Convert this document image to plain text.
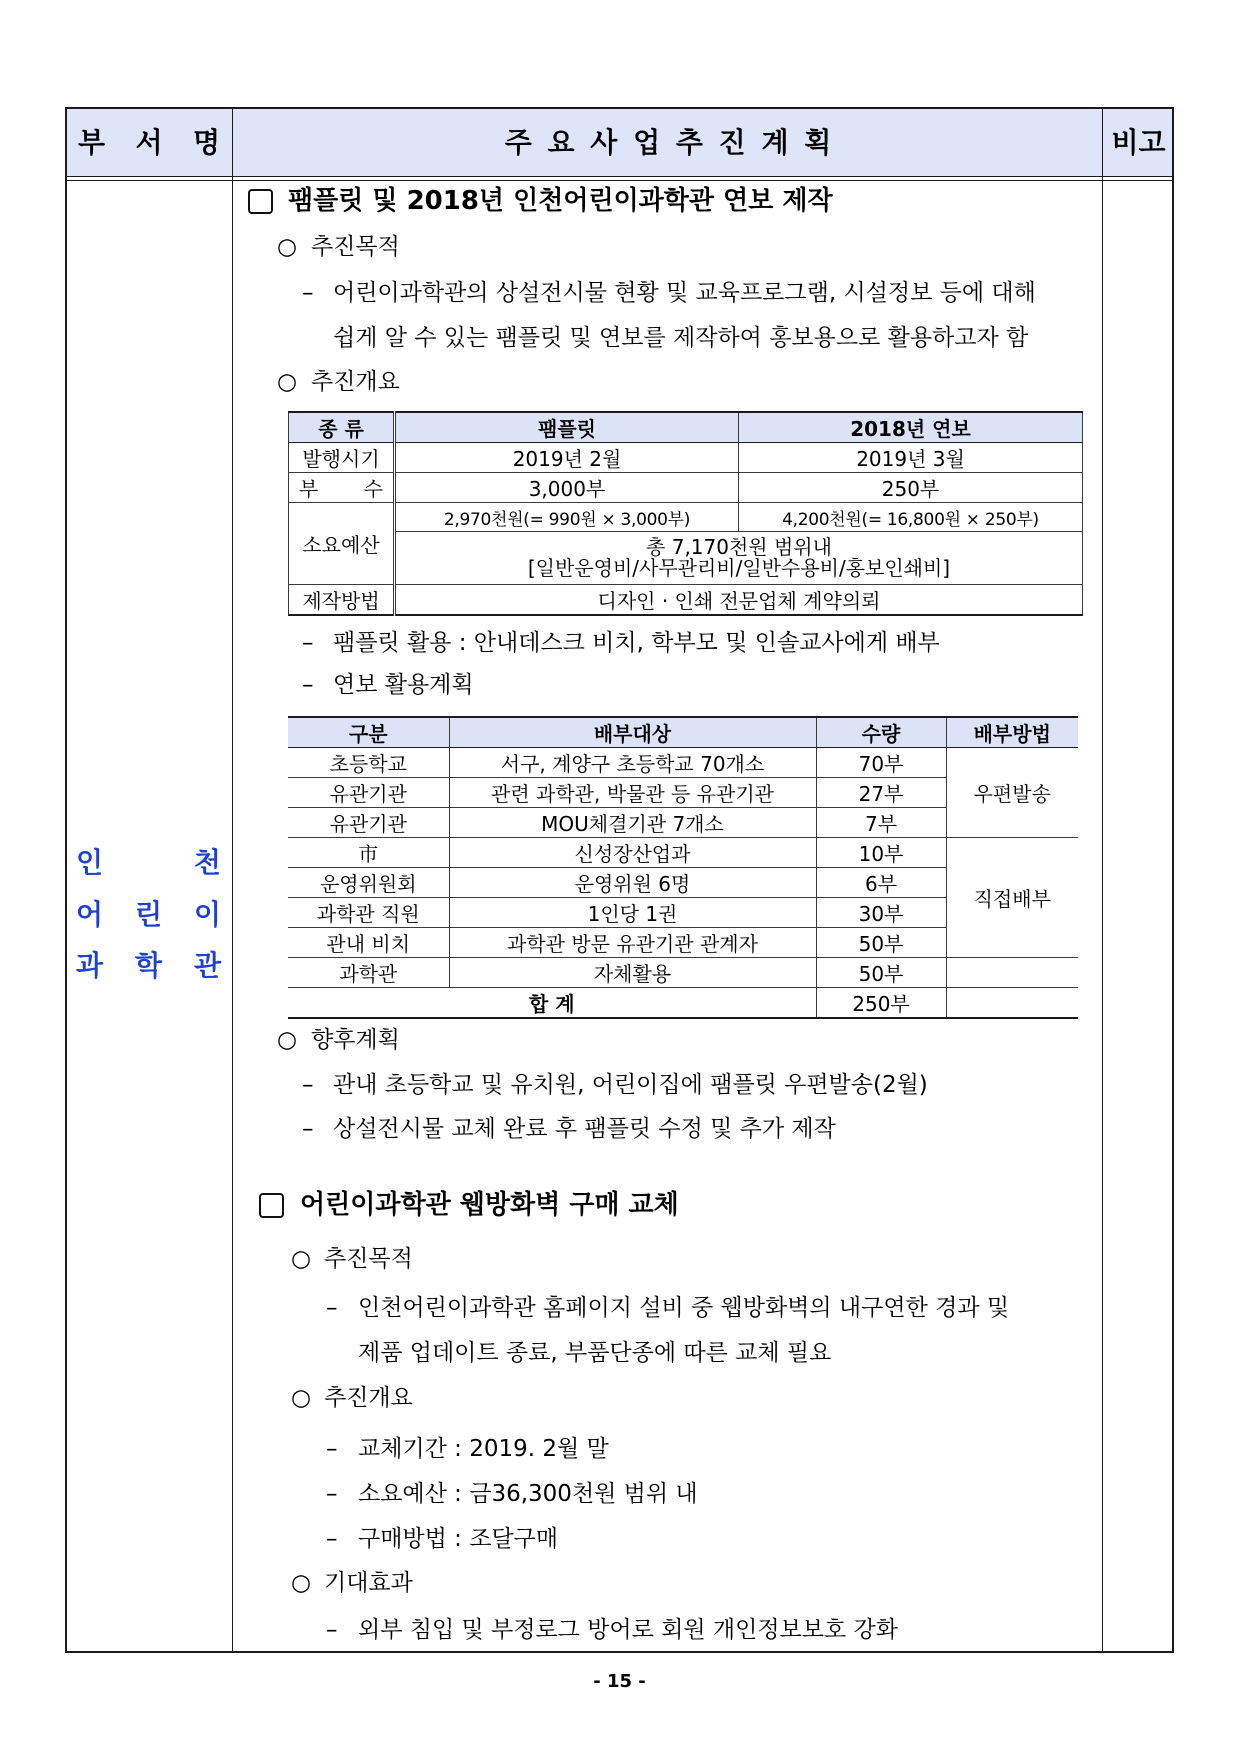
부 서 명	주 요 사 업 추 진 계 획	비고
인 천
어 린 이
과 학 관
팸플릿 및 2018년 인천어린이과학관 연보 제작
○ 추진목적
– 어린이과학관의 상설전시물 현황 및 교육프로그램, 시설정보 등에 대해
쉽게 알 수 있는 팸플릿 및 연보를 제작하여 홍보용으로 활용하고자 함
○ 추진개요
종 류	팸플릿	2018년 연보
발행시기	2019년 2월	2019년 3월
부 수	3,000부	250부
소요예산	2,970천원(= 990원 × 3,000부)	4,200천원(= 16,800원 × 250부)

	총 7,170천원 범위내
[일반운영비/사무관리비/일반수용비/홍보인쇄비]	

제작방법	디자인 · 인쇄 전문업체 계약의뢰	
– 팸플릿 활용 : 안내데스크 비치, 학부모 및 인솔교사에게 배부
– 연보 활용계획
구분	배부대상	수량	배부방법
초등학교	서구, 계양구 초등학교 70개소	70부	우편발송
유관기관	관련 과학관, 박물관 등 유관기관	27부	
유관기관	MOU체결기관 7개소	7부	
市	신성장산업과	10부	직접배부
운영위원회	운영위원 6명	6부	
과학관 직원	1인당 1권	30부	
관내 비치	과학관 방문 유관기관 관계자	50부	
과학관	자체활용	50부	
합 계		250부	
○ 향후계획
– 관내 초등학교 및 유치원, 어린이집에 팸플릿 우편발송(2월)
– 상설전시물 교체 완료 후 팸플릿 수정 및 추가 제작
어린이과학관 웹방화벽 구매 교체
○ 추진목적
– 인천어린이과학관 홈페이지 설비 중 웹방화벽의 내구연한 경과 및
제품 업데이트 종료, 부품단종에 따른 교체 필요
○ 추진개요
– 교체기간 : 2019. 2월 말
– 소요예산 : 금36,300천원 범위 내
– 구매방법 : 조달구매
○ 기대효과
– 외부 침입 및 부정로그 방어로 회원 개인정보보호 강화
- 15 -
